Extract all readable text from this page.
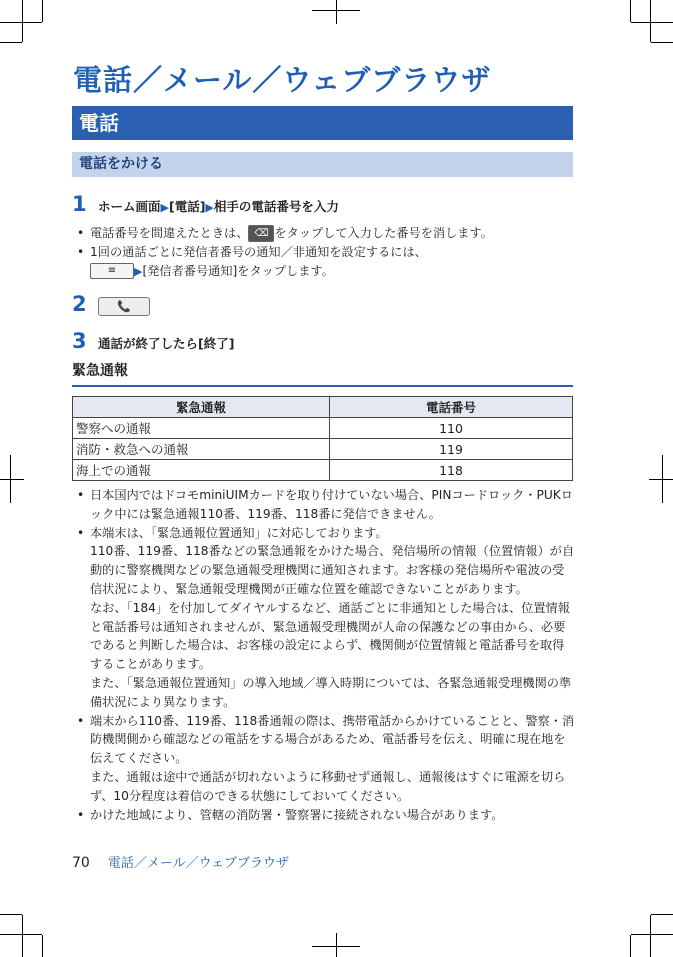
電話／メール／ウェブブラウザ
電話
電話をかける
1 ホーム画面▶[電話]▶相手の電話番号を入力
• 電話番号を間違えたときは、 ⌫ をタップして入力した番号を消します。
• 1回の通話ごとに発信者番号の通知／非通知を設定するには、
≡ ▶[発信者番号通知]をタップします。
2	📞
3 通話が終了したら[終了]
緊急通報
緊急通報	電話番号
警察への通報	110
消防・救急への通報	119
海上での通報	118
• 日本国内ではドコモminiUIMカードを取り付けていない場合、PINコードロック・PUKロック中には緊急通報110番、119番、118番に発信できません。
• 本端末は、「緊急通報位置通知」に対応しております。
110番、119番、118番などの緊急通報をかけた場合、発信場所の情報（位置情報）が自動的に警察機関などの緊急通報受理機関に通知されます。お客様の発信場所や電波の受信状況により、緊急通報受理機関が正確な位置を確認できないことがあります。
なお、「184」を付加してダイヤルするなど、通話ごとに非通知とした場合は、位置情報と電話番号は通知されませんが、緊急通報受理機関が人命の保護などの事由から、必要であると判断した場合は、お客様の設定によらず、機関側が位置情報と電話番号を取得することがあります。
また、「緊急通報位置通知」の導入地域／導入時期については、各緊急通報受理機関の準備状況により異なります。
• 端末から110番、119番、118番通報の際は、携帯電話からかけていることと、警察・消防機関側から確認などの電話をする場合があるため、電話番号を伝え、明確に現在地を伝えてください。
また、通報は途中で通話が切れないように移動せず通報し、通報後はすぐに電源を切らず、10分程度は着信のできる状態にしておいてください。
• かけた地域により、管轄の消防署・警察署に接続されない場合があります。
70 電話／メール／ウェブブラウザ
